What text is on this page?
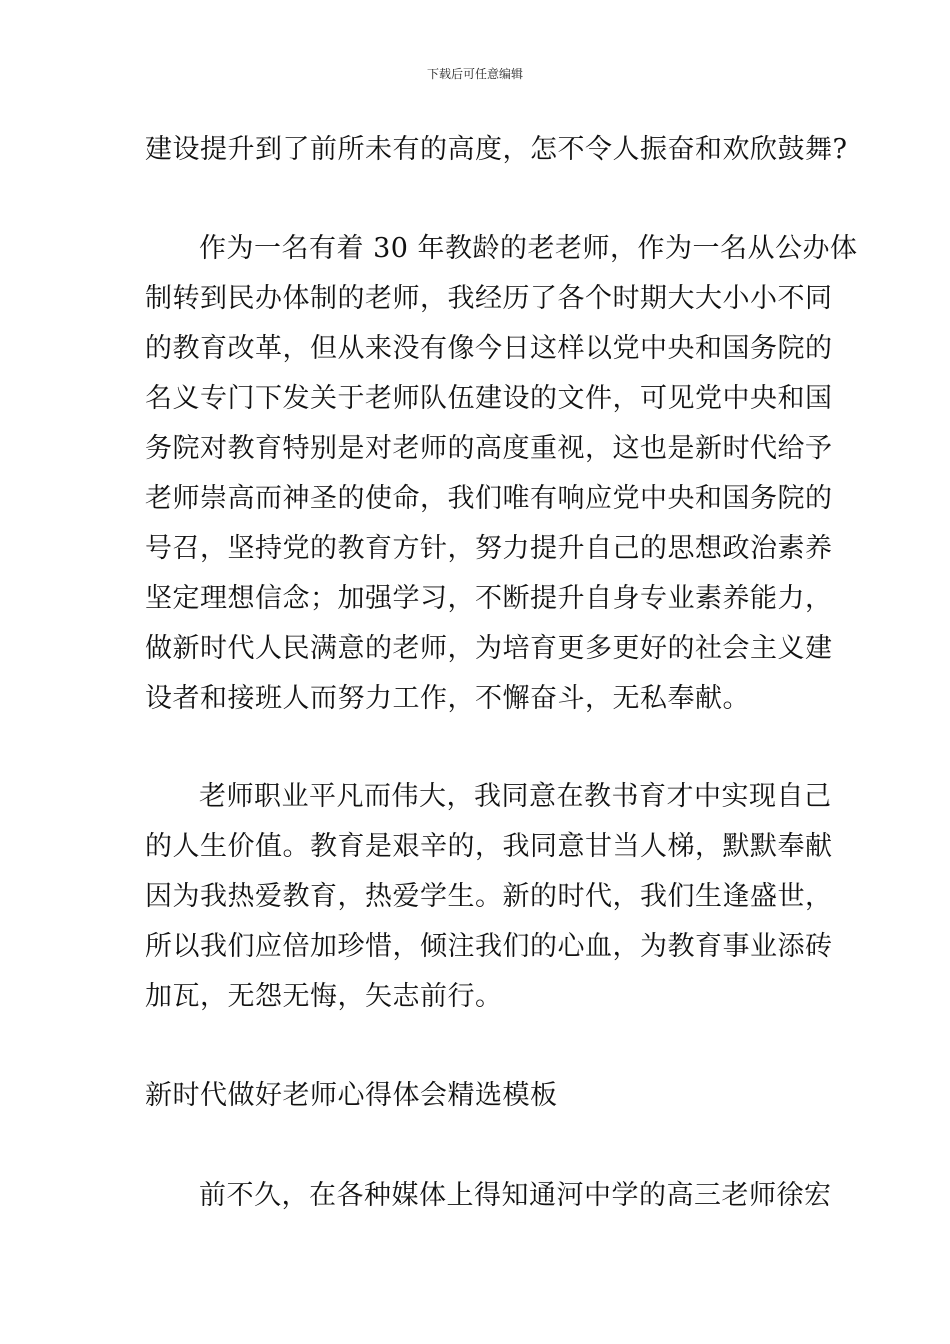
下载后可任意编辑
建设提升到了前所未有的高度，怎不令人振奋和欢欣鼓舞?
作为一名有着 30 年教龄的老老师，作为一名从公办体
制转到民办体制的老师，我经历了各个时期大大小小不同
的教育改革，但从来没有像今日这样以党中央和国务院的
名义专门下发关于老师队伍建设的文件，可见党中央和国
务院对教育特别是对老师的高度重视，这也是新时代给予
老师崇高而神圣的使命，我们唯有响应党中央和国务院的
号召，坚持党的教育方针，努力提升自己的思想政治素养
坚定理想信念；加强学习，不断提升自身专业素养能力，
做新时代人民满意的老师，为培育更多更好的社会主义建
设者和接班人而努力工作，不懈奋斗，无私奉献。
老师职业平凡而伟大，我同意在教书育才中实现自己
的人生价值。教育是艰辛的，我同意甘当人梯，默默奉献
因为我热爱教育，热爱学生。新的时代，我们生逢盛世，
所以我们应倍加珍惜，倾注我们的心血，为教育事业添砖
加瓦，无怨无悔，矢志前行。
新时代做好老师心得体会精选模板
前不久，在各种媒体上得知通河中学的高三老师徐宏
